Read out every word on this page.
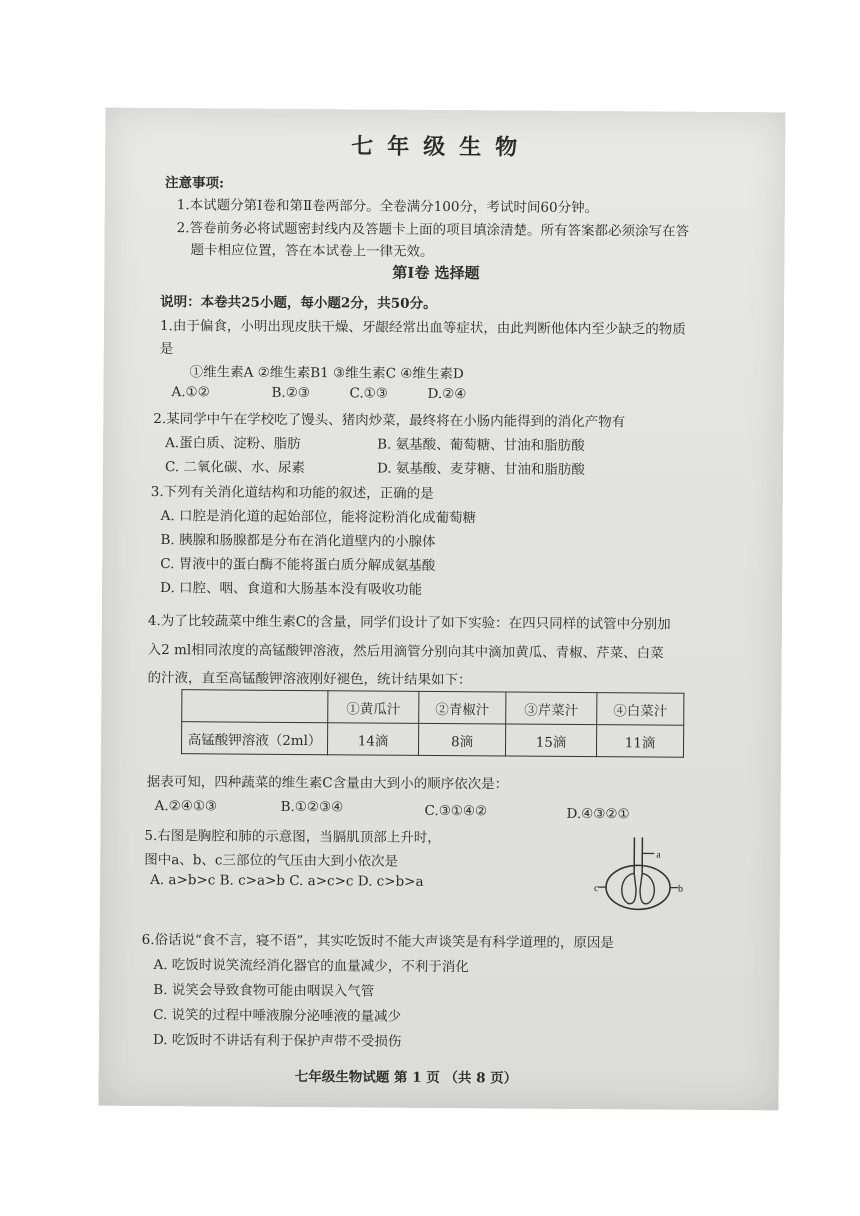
七年级生物
注意事项:
1.本试题分第Ⅰ卷和第Ⅱ卷两部分。全卷满分100分，考试时间60分钟。
2.答卷前务必将试题密封线内及答题卡上面的项目填涂清楚。所有答案都必须涂写在答
题卡相应位置，答在本试卷上一律无效。
第Ⅰ卷 选择题
说明：本卷共25小题，每小题2分，共50分。
1.由于偏食，小明出现皮肤干燥、牙龈经常出血等症状，由此判断他体内至少缺乏的物质
是
①维生素A ②维生素B1 ③维生素C ④维生素D
A.①②	B.②③	C.①③	D.②④
2.某同学中午在学校吃了馒头、猪肉炒菜，最终将在小肠内能得到的消化产物有
A.蛋白质、淀粉、脂肪	B. 氨基酸、葡萄糖、甘油和脂肪酸
C. 二氧化碳、水、尿素	D. 氨基酸、麦芽糖、甘油和脂肪酸
3.下列有关消化道结构和功能的叙述，正确的是
A. 口腔是消化道的起始部位，能将淀粉消化成葡萄糖
B. 胰腺和肠腺都是分布在消化道壁内的小腺体
C. 胃液中的蛋白酶不能将蛋白质分解成氨基酸
D. 口腔、咽、食道和大肠基本没有吸收功能
4.为了比较蔬菜中维生素C的含量，同学们设计了如下实验：在四只同样的试管中分别加
入2 ml相同浓度的高锰酸钾溶液，然后用滴管分别向其中滴加黄瓜、青椒、芹菜、白菜
的汁液，直至高锰酸钾溶液刚好褪色，统计结果如下：
	①黄瓜汁	②青椒汁	③芹菜汁	④白菜汁
高锰酸钾溶液（2ml）	14滴	8滴	15滴	11滴
据表可知，四种蔬菜的维生素C含量由大到小的顺序依次是：
A.②④①③	B.①②③④	C.③①④②	D.④③②①
5.右图是胸腔和肺的示意图，当膈肌顶部上升时，
图中a、b、c三部位的气压由大到小依次是
A. a>b>c B. c>a>b C. a>c>c D. c>b>a
a
b
c
6.俗话说“食不言，寝不语”，其实吃饭时不能大声谈笑是有科学道理的，原因是
A. 吃饭时说笑流经消化器官的血量减少，不利于消化
B. 说笑会导致食物可能由咽误入气管
C. 说笑的过程中唾液腺分泌唾液的量减少
D. 吃饭时不讲话有利于保护声带不受损伤
七年级生物试题 第 1 页 （共 8 页）
